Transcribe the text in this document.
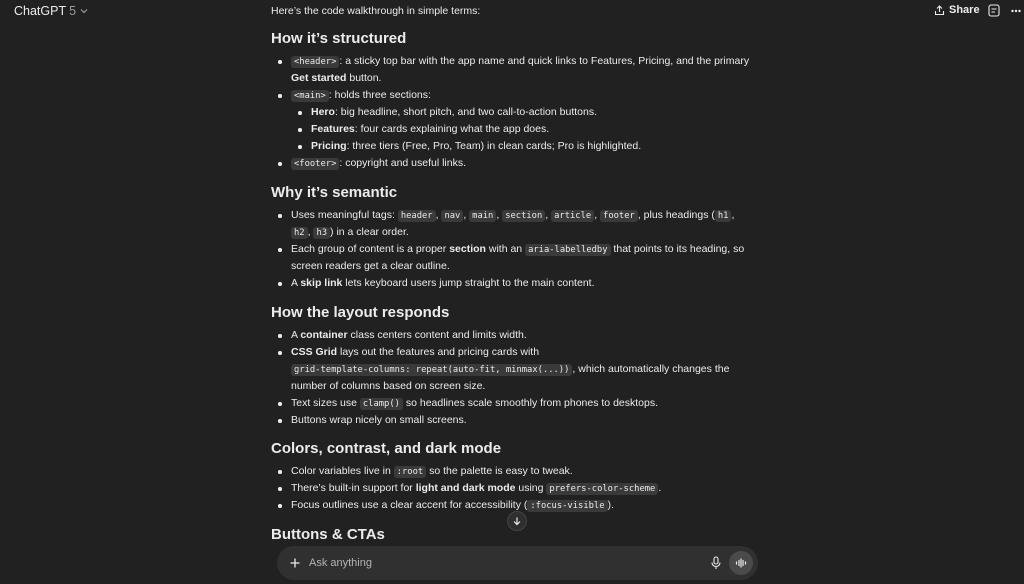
ChatGPT 5	Share
Here’s the code walkthrough in simple terms:
How it’s structured
<header> : a sticky top bar with the app name and quick links to Features, Pricing, and the primary
Get started button.
<main> : holds three sections:
Hero: big headline, short pitch, and two call-to-action buttons.
Features: four cards explaining what the app does.
Pricing: three tiers (Free, Pro, Team) in clean cards; Pro is highlighted.
<footer> : copyright and useful links.
Why it’s semantic
Uses meaningful tags: header , nav , main , section , article , footer , plus headings ( h1 ,
h2 , h3 ) in a clear order.
Each group of content is a proper section with an aria-labelledby that points to its heading, so
screen readers get a clear outline.
A skip link lets keyboard users jump straight to the main content.
How the layout responds
A container class centers content and limits width.
CSS Grid lays out the features and pricing cards with
grid-template-columns: repeat(auto-fit, minmax(...)) , which automatically changes the
number of columns based on screen size.
Text sizes use clamp() so headlines scale smoothly from phones to desktops.
Buttons wrap nicely on small screens.
Colors, contrast, and dark mode
Color variables live in :root so the palette is easy to tweak.
There’s built-in support for light and dark mode using prefers-color-scheme .
Focus outlines use a clear accent for accessibility ( :focus-visible ).
Buttons & CTAs
Ask anything
